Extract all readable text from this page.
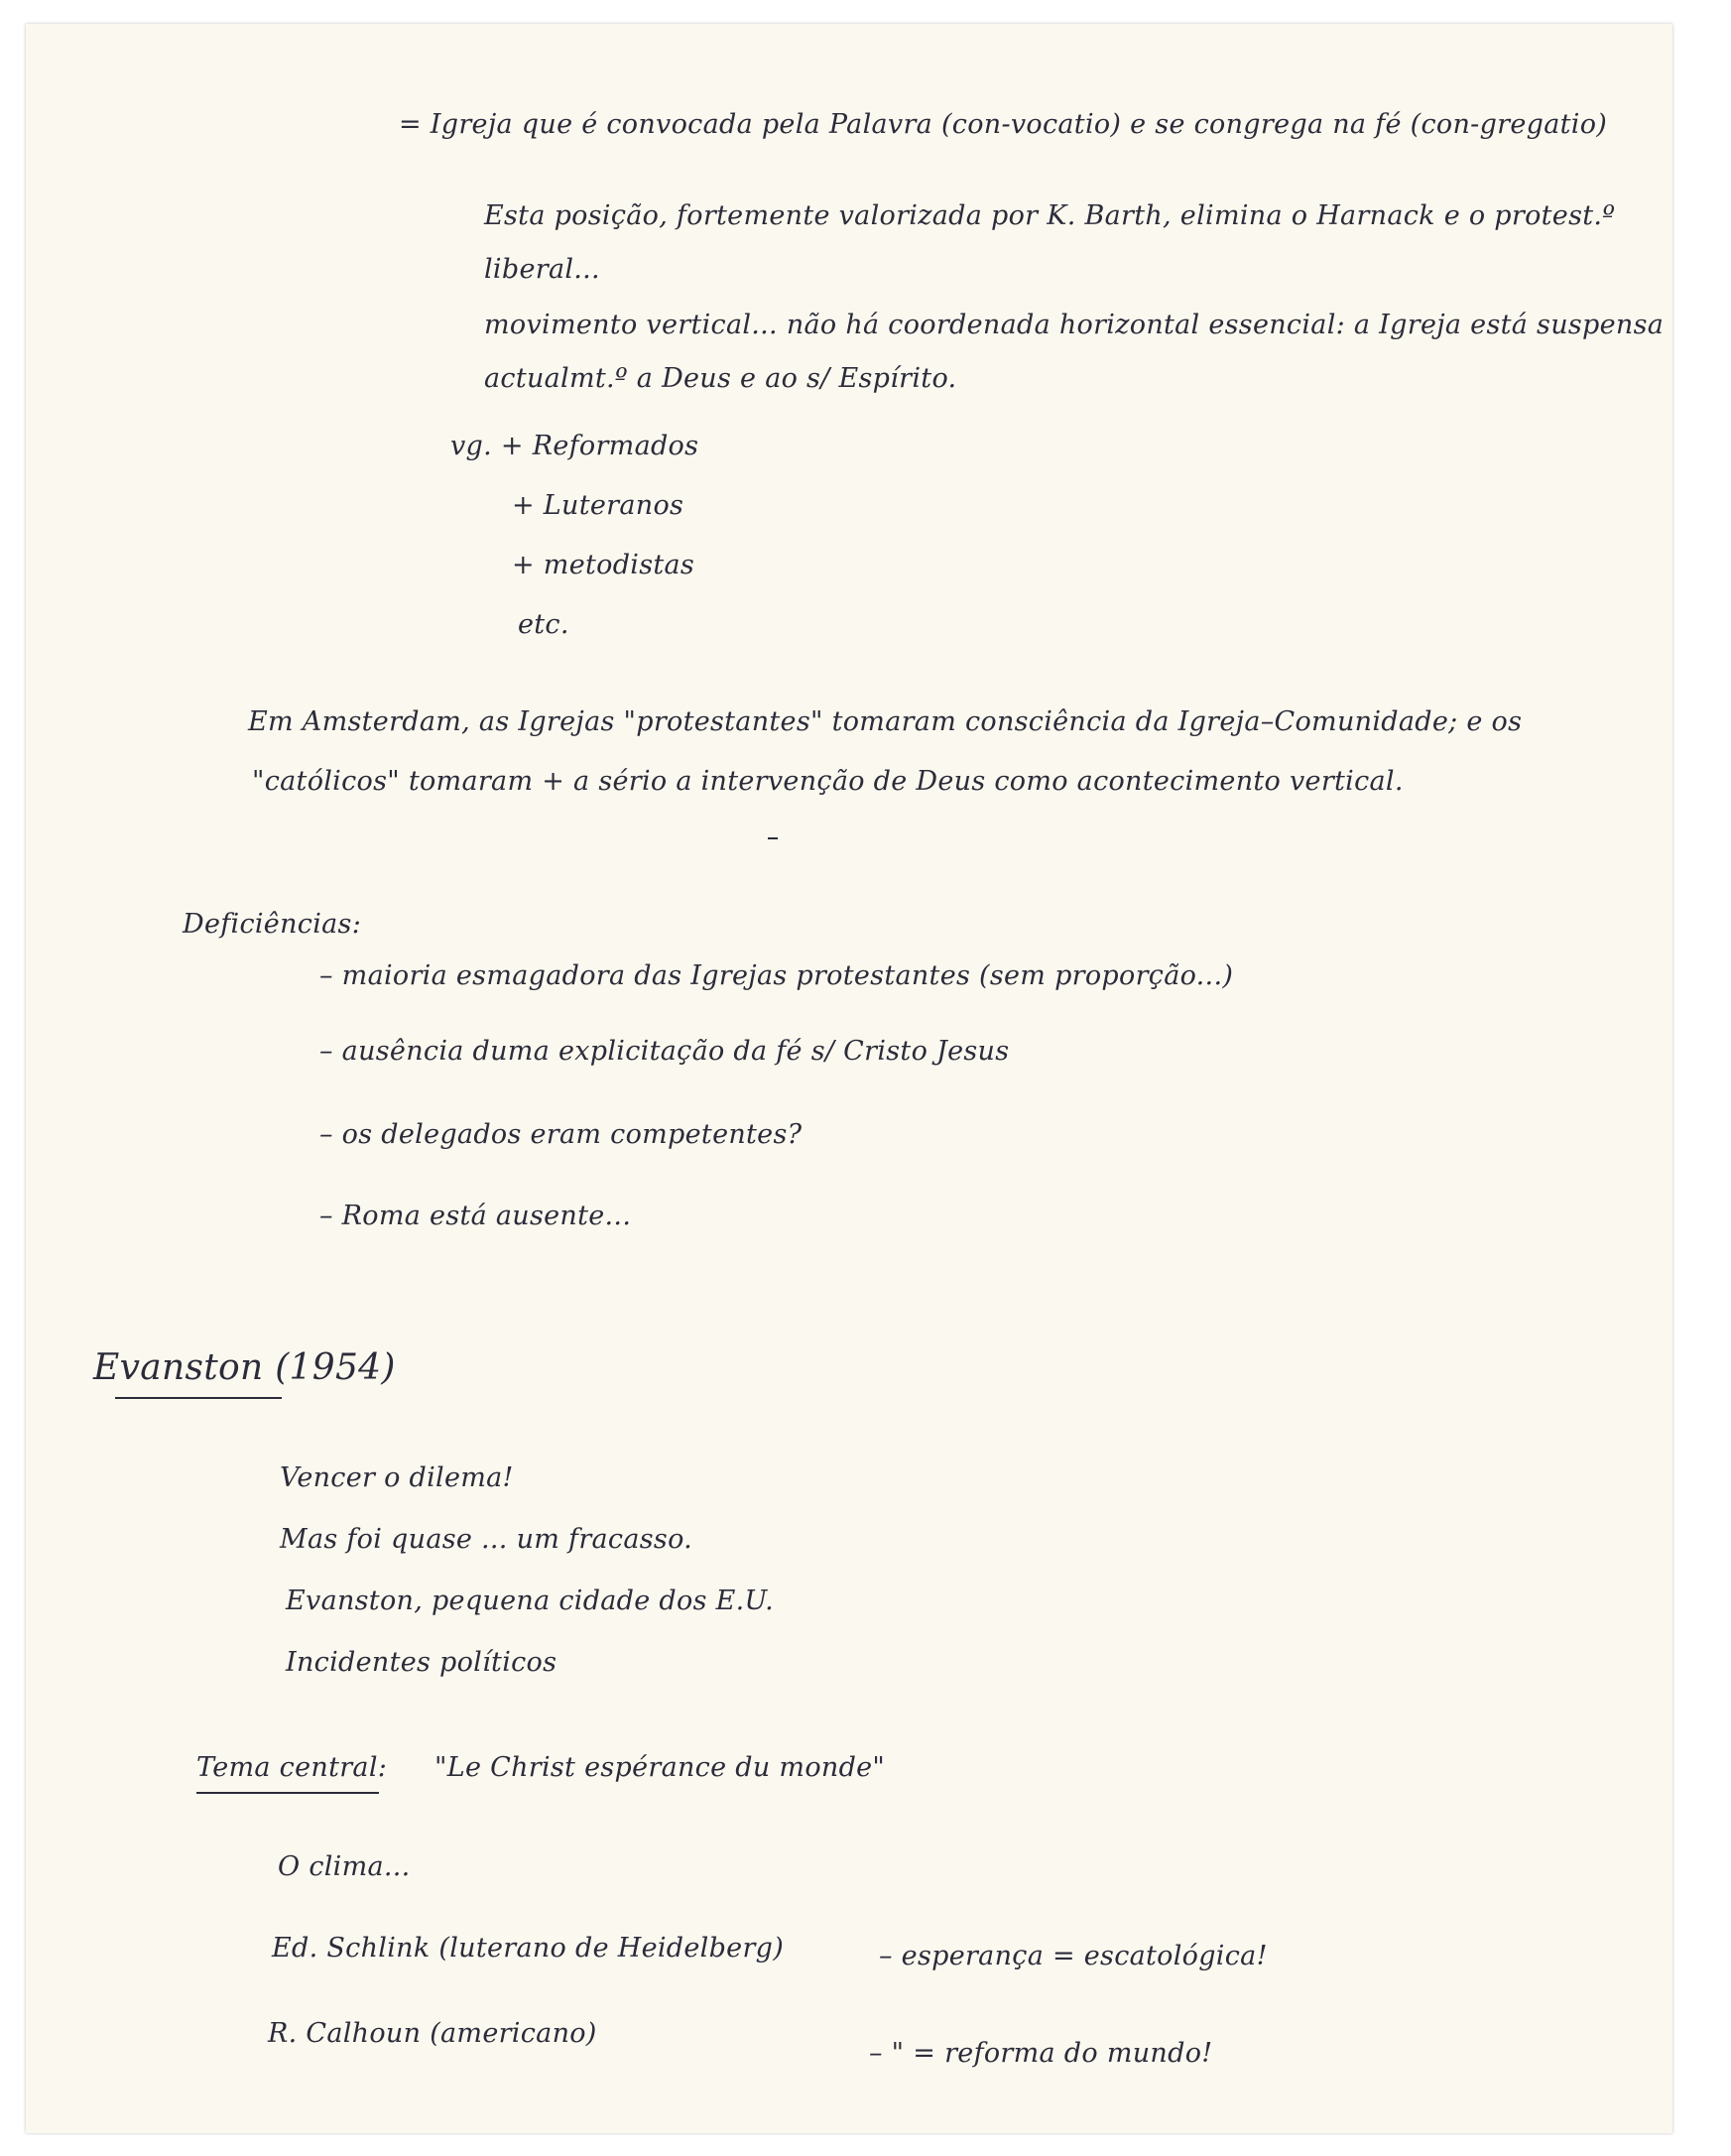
= Igreja que é convocada pela Palavra (con-vocatio) e se congrega na fé (con-gregatio)
Esta posição, fortemente valorizada por K. Barth, elimina o Harnack e o protest.º
liberal...
movimento vertical... não há coordenada horizontal essencial: a Igreja está suspensa
actualmt.º a Deus e ao s/ Espírito.
vg. + Reformados
+ Luteranos
+ metodistas
etc.
Em Amsterdam, as Igrejas "protestantes" tomaram consciência da Igreja–Comunidade; e os
"católicos" tomaram + a sério a intervenção de Deus como acontecimento vertical.
Deficiências:
– maioria esmagadora das Igrejas protestantes (sem proporção...)
– ausência duma explicitação da fé s/ Cristo Jesus
– os delegados eram competentes?
– Roma está ausente...
Evanston (1954)
Vencer o dilema!
Mas foi quase ... um fracasso.
Evanston, pequena cidade dos E.U.
Incidentes políticos
Tema central: "Le Christ espérance du monde"
O clima...
Ed. Schlink (luterano de Heidelberg)	– esperança = escatológica!
R. Calhoun (americano)
– " = reforma do mundo!
